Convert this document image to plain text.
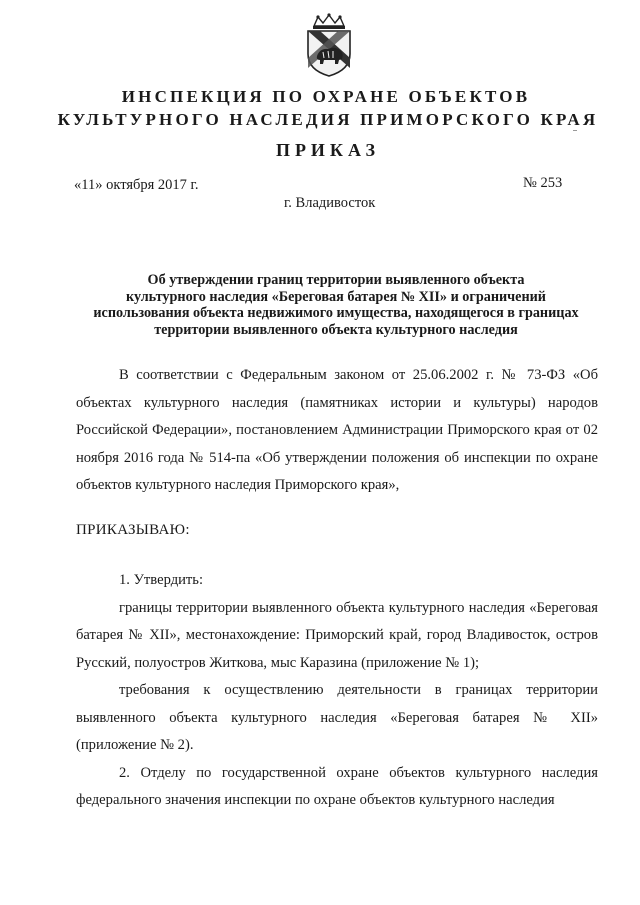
ИНСПЕКЦИЯ ПО ОХРАНЕ ОБЪЕКТОВ
КУЛЬТУРНОГО НАСЛЕДИЯ ПРИМОРСКОГО КРАЯ
ПРИКАЗ
«11» октября 2017 г.	№ 253
г. Владивосток
Об утверждении границ территории выявленного объекта
культурного наследия «Береговая батарея № XII» и ограничений
использования объекта недвижимого имущества, находящегося в границах
территории выявленного объекта культурного наследия

В соответствии с Федеральным законом от 25.06.2002 г. № 73-ФЗ «Об объектах культурного наследия (памятниках истории и культуры) народов Российской Федерации», постановлением Администрации Приморского края от 02 ноября 2016 года № 514-па «Об утверждении положения об инспекции по охране объектов культурного наследия Приморского края»,

ПРИКАЗЫВАЮ:

1. Утвердить:

границы территории выявленного объекта культурного наследия «Береговая батарея № XII», местонахождение: Приморский край, город Владивосток, остров Русский, полуостров Житкова, мыс Каразина (приложение № 1);

требования к осуществлению деятельности в границах территории выявленного объекта культурного наследия «Береговая батарея № XII» (приложение № 2).

2. Отделу по государственной охране объектов культурного наследия федерального значения инспекции по охране объектов культурного наследия
